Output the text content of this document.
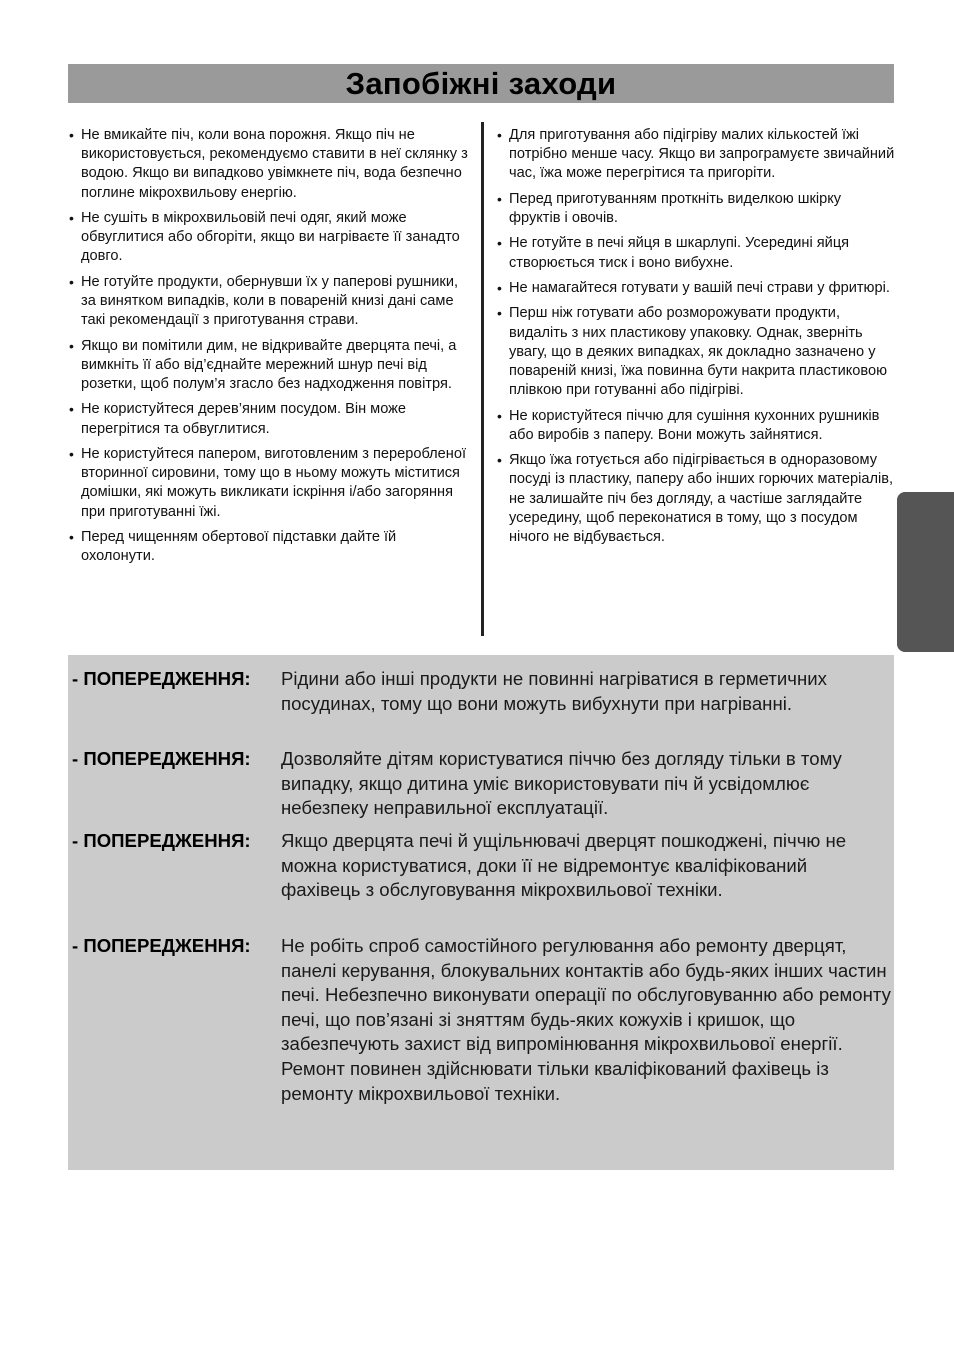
Запобіжні заходи
• Не вмикайте піч, коли вона порожня. Якщо піч не використовується, рекомендуємо ставити в неї склянку з водою. Якщо ви випадково увімкнете піч, вода безпечно поглине мікрохвильову енергію.
• Не сушіть в мікрохвильовій печі одяг, який може обвуглитися або обгоріти, якщо ви нагріваєте її занадто довго.
• Не готуйте продукти, обернувши їх у паперові рушники, за винятком випадків, коли в повареній книзі дані саме такі рекомендації з приготування страви.
• Якщо ви помітили дим, не відкривайте дверцята печі, а вимкніть її або від’єднайте мережний шнур печі від розетки, щоб полум’я згасло без надходження повітря.
• Не користуйтеся дерев’яним посудом. Він може перегрітися та обвуглитися.
• Не користуйтеся папером, виготовленим з переробленої вторинної сировини, тому що в ньому можуть міститися домішки, які можуть викликати іскріння і/або загоряння при приготуванні їжі.
• Перед чищенням обертової підставки дайте їй охолонути.
• Для приготування або підігріву малих кількостей їжі потрібно менше часу. Якщо ви запрограмуєте звичайний час, їжа може перегрітися та пригоріти.
• Перед приготуванням проткніть виделкою шкірку фруктів і овочів.
• Не готуйте в печі яйця в шкарлупі. Усередині яйця створюється тиск і воно вибухне.
• Не намагайтеся готувати у вашій печі страви у фритюрі.
• Перш ніж готувати або розморожувати продукти, видаліть з них пластикову упаковку. Однак, зверніть увагу, що в деяких випадках, як докладно зазначено у поваренiй книзі, їжа повинна бути накрита пластиковою плівкою при готуванні або підігріві.
• Не користуйтеся піччю для сушіння кухонних рушників або виробів з паперу. Вони можуть зайнятися.
• Якщо їжа готується або підігрівається в одноразовому посуді із пластику, паперу або інших горючих матеріалів, не залишайте піч без догляду, а частіше заглядайте усередину, щоб переконатися в тому, що з посудом нічого не відбувається.
- ПОПЕРЕДЖЕННЯ:	Рідини або інші продукти не повинні нагріватися в герметичних посудинах, тому що вони можуть вибухнути при нагріванні.
- ПОПЕРЕДЖЕННЯ:	Дозволяйте дітям користуватися піччю без догляду тільки в тому випадку, якщо дитина уміє використовувати піч й усвідомлює небезпеку неправильної експлуатації.
- ПОПЕРЕДЖЕННЯ:	Якщо дверцята печі й ущільнювачі дверцят пошкоджені, піччю не можна користуватися, доки її не відремонтує кваліфікований фахівець з обслуговування мікрохвильової техніки.
- ПОПЕРЕДЖЕННЯ:	Не робіть спроб самостійного регулювання або ремонту дверцят, панелі керування, блокувальних контактів або будь-яких інших частин печі. Небезпечно виконувати операції по обслуговуванню або ремонту печі, що пов’язані зі зняттям будь-яких кожухів і кришок, що забезпечують захист від випромінювання мікрохвильової енергії. Ремонт повинен здійснювати тільки кваліфікований фахівець із ремонту мікрохвильової техніки.
